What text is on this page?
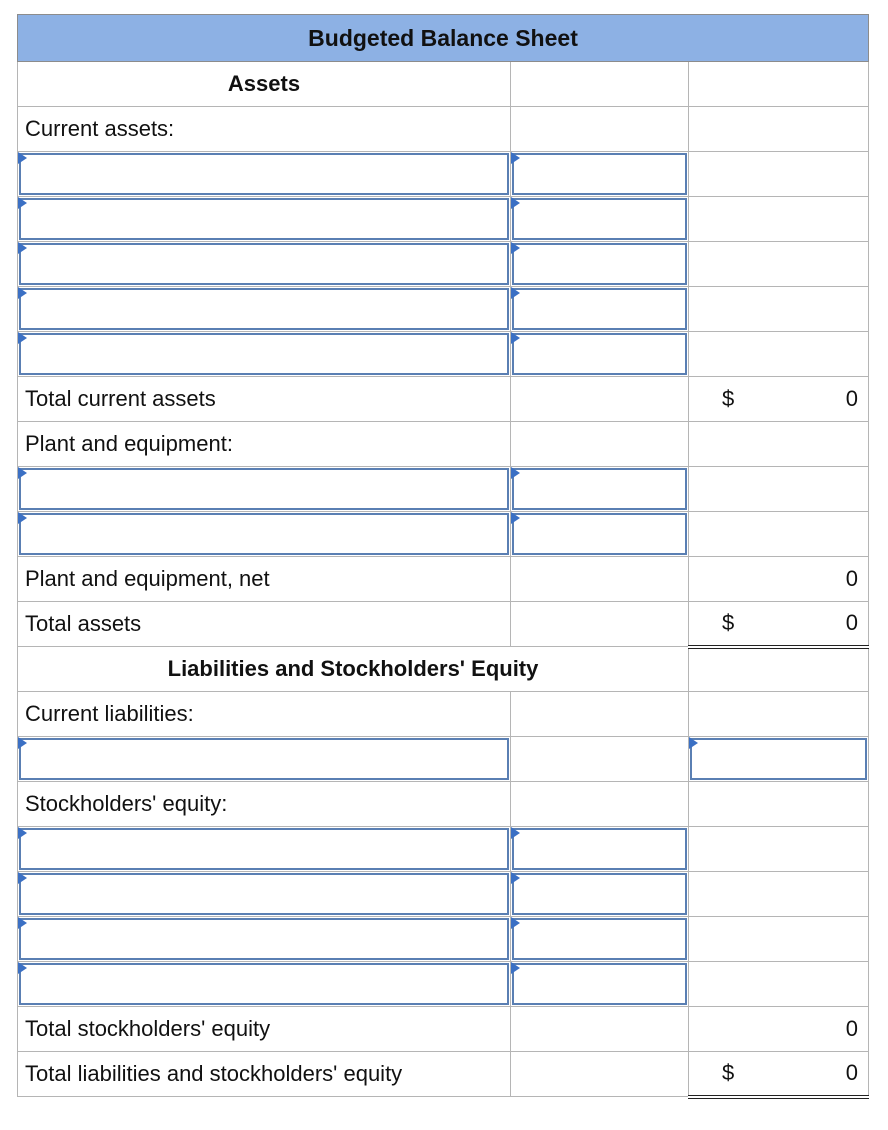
Budgeted Balance Sheet		
Assets		
Current assets:		

Total current assets		$ 0

Plant and equipment:		

Plant and equipment, net		0
Total assets		$ 0

Liabilities and Stockholders' Equity		
Current liabilities:		

Stockholders' equity:		

Total stockholders' equity		0
Total liabilities and stockholders' equity		$ 0
